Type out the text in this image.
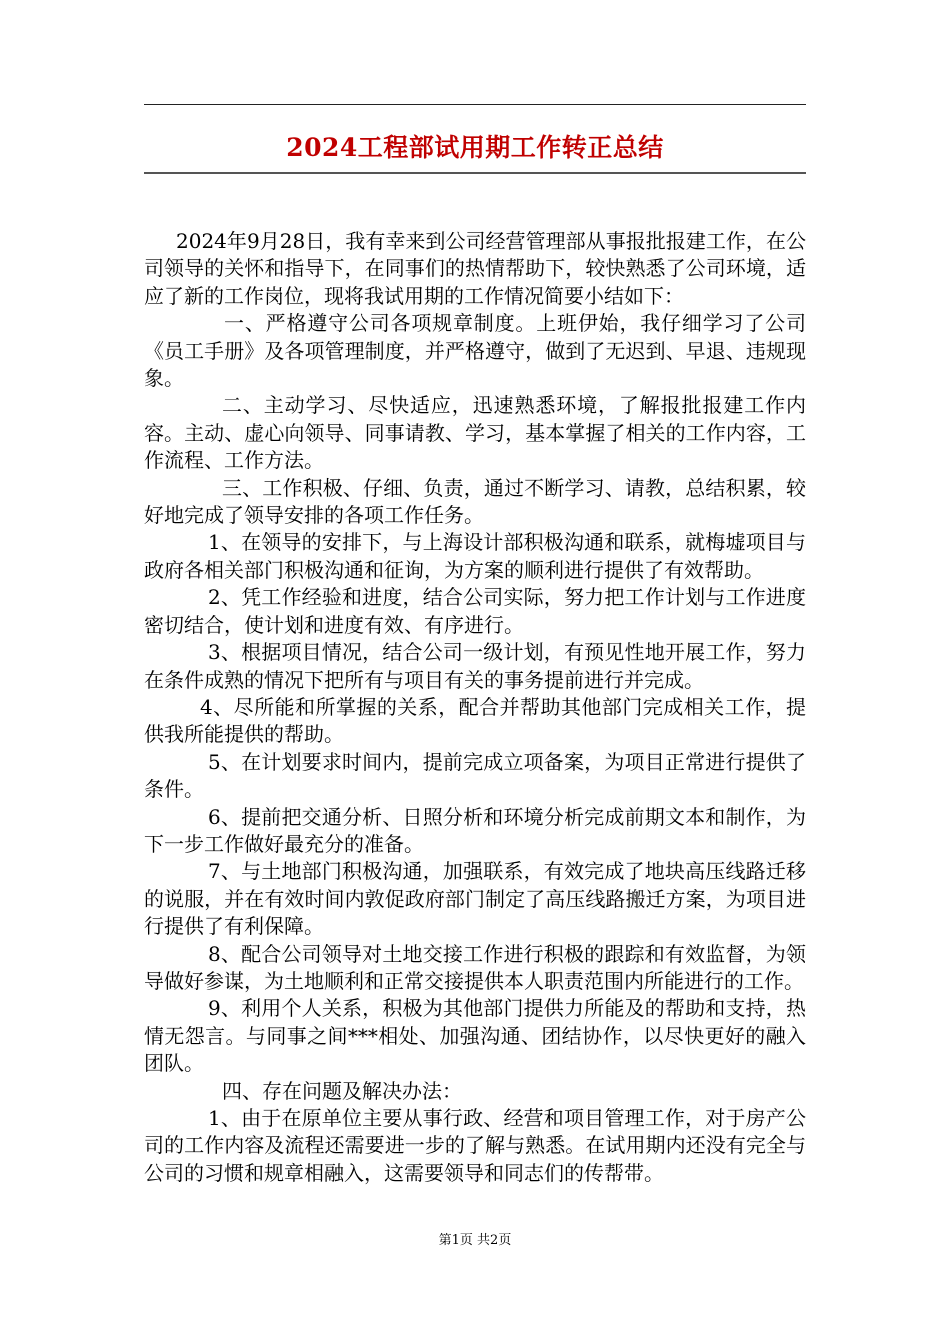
2024工程部试用期工作转正总结

2024年9月28日，我有幸来到公司经营管理部从事报批报建工作，在公司领导的关怀和指导下，在同事们的热情帮助下，较快熟悉了公司环境，适应了新的工作岗位，现将我试用期的工作情况简要小结如下：

一、严格遵守公司各项规章制度。上班伊始，我仔细学习了公司《员工手册》及各项管理制度，并严格遵守，做到了无迟到、早退、违规现象。

二、主动学习、尽快适应，迅速熟悉环境，了解报批报建工作内容。主动、虚心向领导、同事请教、学习，基本掌握了相关的工作内容，工作流程、工作方法。

三、工作积极、仔细、负责，通过不断学习、请教，总结积累，较好地完成了领导安排的各项工作任务。

1、在领导的安排下，与上海设计部积极沟通和联系，就梅墟项目与政府各相关部门积极沟通和征询，为方案的顺利进行提供了有效帮助。

2、凭工作经验和进度，结合公司实际，努力把工作计划与工作进度密切结合，使计划和进度有效、有序进行。

3、根据项目情况，结合公司一级计划，有预见性地开展工作，努力在条件成熟的情况下把所有与项目有关的事务提前进行并完成。

4、尽所能和所掌握的关系，配合并帮助其他部门完成相关工作，提供我所能提供的帮助。

5、在计划要求时间内，提前完成立项备案，为项目正常进行提供了条件。

6、提前把交通分析、日照分析和环境分析完成前期文本和制作，为下一步工作做好最充分的准备。

7、与土地部门积极沟通，加强联系，有效完成了地块高压线路迁移的说服，并在有效时间内敦促政府部门制定了高压线路搬迁方案，为项目进行提供了有利保障。

8、配合公司领导对土地交接工作进行积极的跟踪和有效监督，为领导做好参谋，为土地顺利和正常交接提供本人职责范围内所能进行的工作。

9、利用个人关系，积极为其他部门提供力所能及的帮助和支持，热情无怨言。与同事之间***相处、加强沟通、团结协作，以尽快更好的融入团队。

四、存在问题及解决办法：

1、由于在原单位主要从事行政、经营和项目管理工作，对于房产公司的工作内容及流程还需要进一步的了解与熟悉。在试用期内还没有完全与公司的习惯和规章相融入，这需要领导和同志们的传帮带。

第1页 共2页
